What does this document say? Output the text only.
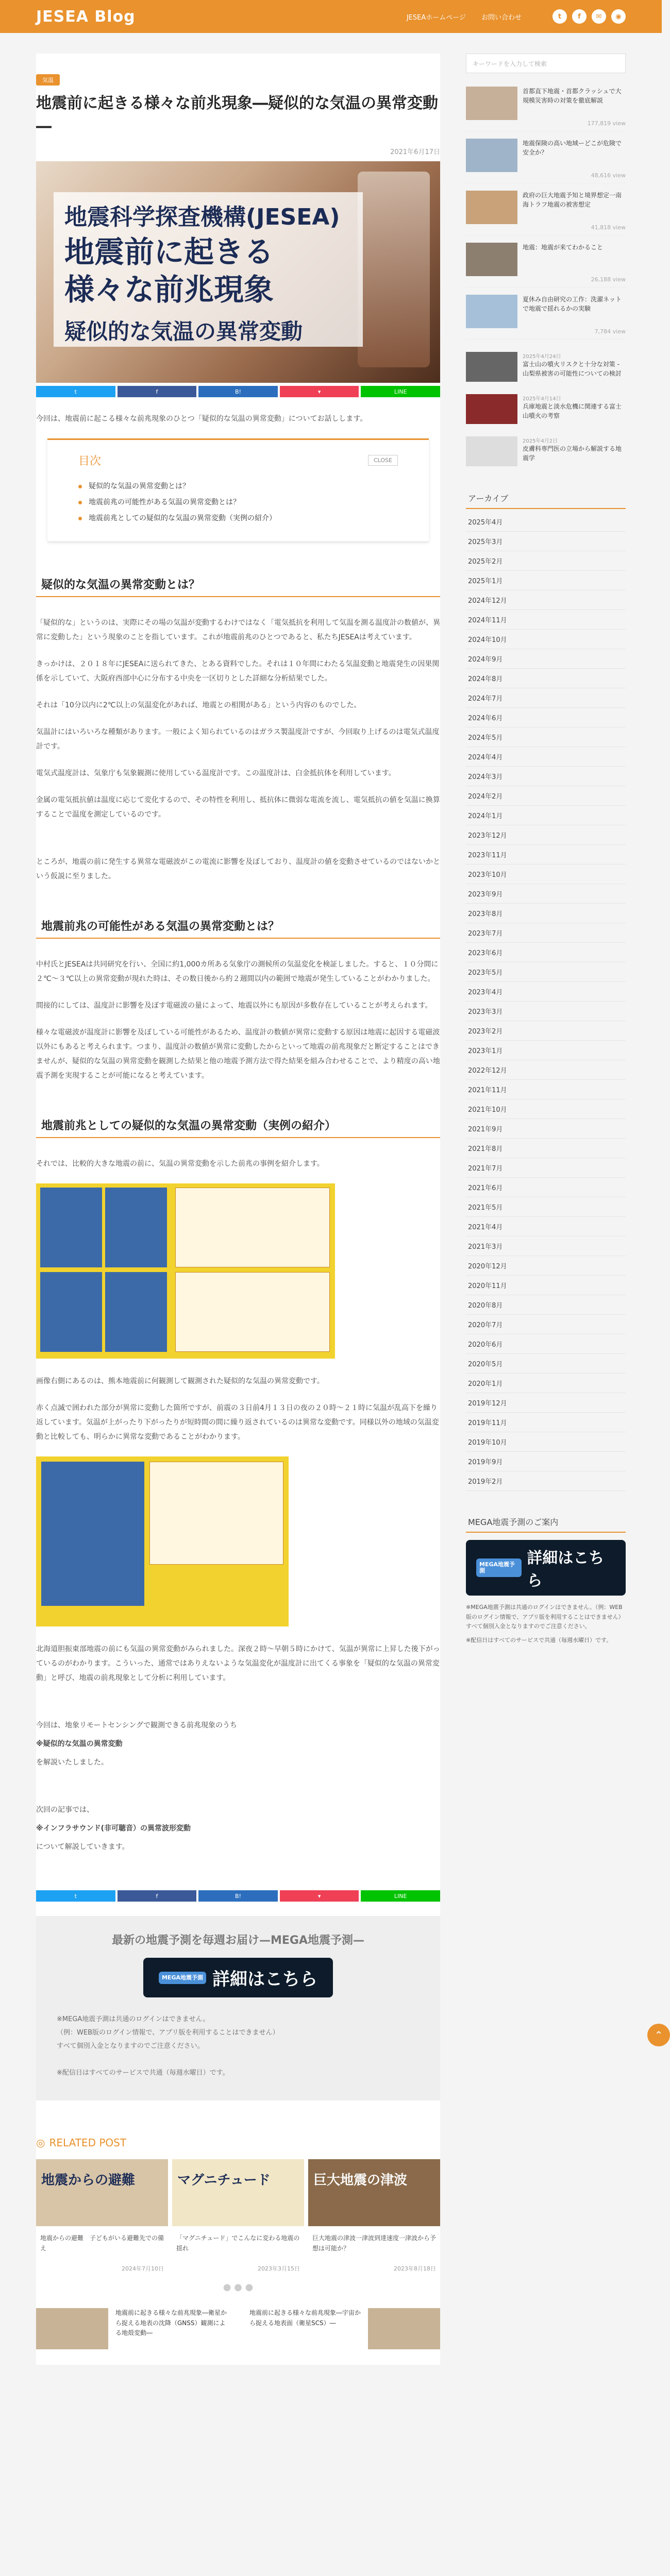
JESEA Blog	JESEAホームページ お問い合わせ	t	f	✉	◉
気温
地震前に起きる様々な前兆現象―疑似的な気温の異常変動―
2021年6月17日
地震科学探査機構(JESEA)
地震前に起きる
様々な前兆現象
疑似的な気温の異常変動
t	f	B!	▾	LINE

今回は、地震前に起こる様々な前兆現象のひとつ「疑似的な気温の異常変動」についてお話しします。

目次	CLOSE
疑似的な気温の異常変動とは？
地震前兆の可能性がある気温の異常変動とは？
地震前兆としての疑似的な気温の異常変動（実例の紹介）
疑似的な気温の異常変動とは？

「疑似的な」というのは、実際にその場の気温が変動するわけではなく「電気抵抗を利用して気温を測る温度計の数値が、異常に変動した」という現象のことを指しています。これが地震前兆のひとつであると、私たちJESEAは考えています。

きっかけは、２０１８年にJESEAに送られてきた、とある資料でした。それは１０年間にわたる気温変動と地震発生の因果関係を示していて、大阪府西部中心に分布する中央を一区切りとした詳細な分析結果でした。

それは「10分以内に2℃以上の気温変化があれば、地震との相関がある」という内容のものでした。

気温計にはいろいろな種類があります。一般によく知られているのはガラス製温度計ですが、今回取り上げるのは電気式温度計です。

電気式温度計は、気象庁も気象観測に使用している温度計です。この温度計は、白金抵抗体を利用しています。

金属の電気抵抗値は温度に応じて変化するので、その特性を利用し、抵抗体に微弱な電流を流し、電気抵抗の値を気温に換算することで温度を測定しているのです。

ところが、地震の前に発生する異常な電磁波がこの電流に影響を及ぼしており、温度計の値を変動させているのではないかという仮説に至りました。

地震前兆の可能性がある気温の異常変動とは？

中村氏とJESEAは共同研究を行い、全国に約1,000カ所ある気象庁の測候所の気温変化を検証しました。すると、１０分間に２℃～３℃以上の異常変動が現れた時は、その数日後から約２週間以内の範囲で地震が発生していることがわかりました。

間接的にしては、温度計に影響を及ぼす電磁波の量によって、地震以外にも原因が多数存在していることが考えられます。

様々な電磁波が温度計に影響を及ぼしている可能性があるため、温度計の数値が異常に変動する原因は地震に起因する電磁波以外にもあると考えられます。つまり、温度計の数値が異常に変動したからといって地震の前兆現象だと断定することはできませんが、疑似的な気温の異常変動を観測した結果と他の地震予測方法で得た結果を組み合わせることで、より精度の高い地震予測を実現することが可能になると考えています。

地震前兆としての疑似的な気温の異常変動（実例の紹介）

それでは、比較的大きな地震の前に、気温の異常変動を示した前兆の事例を紹介します。

画像右側にあるのは、熊本地震前に何観測して観測された疑似的な気温の異常変動です。

赤く点滅で囲われた部分が異常に変動した箇所ですが、前震の３日前4月１３日の夜の２０時～２１時に気温が乱高下を繰り返しています。気温が上がったり下がったりが短時間の間に繰り返されているのは異常な変動です。同様以外の地域の気温変動と比較しても、明らかに異常な変動であることがわかります。

北海道胆振東部地震の前にも気温の異常変動がみられました。深夜２時～早朝５時にかけて、気温が異常に上昇した後下がっているのがわかります。こういった、通常ではありえないような気温変化が温度計に出てくる事象を「疑似的な気温の異常変動」と呼び、地震の前兆現象として分析に利用しています。

今回は、地象リモートセンシングで観測できる前兆現象のうち

※疑似的な気温の異常変動

を解説いたしました。

次回の記事では、

※インフラサウンド(非可聴音）の異常波形変動

について解説していきます。

t	f	B!	▾	LINE
最新の地震予測を毎週お届け—MEGA地震予測—
MEGA地震予測 詳細はこちら
※MEGA地震予測は共通のログインはできません。
（例：WEB版のログイン情報で、アプリ版を利用することはできません）
すべて個別入金となりますのでご注意ください。

※配信日はすべてのサービスで共通（毎週水曜日）です。
◎ RELATED POST
地震からの避難
地震からの避難　子どもがいる避難先での備え
2024年7月10日
マグニチュード
「マグニチュード」でこんなに変わる地震の揺れ
2023年3月15日
巨大地震の津波
巨大地震の津波一津波到達速度一津波から予想は可能か？
2023年8月18日
● ● ●
地震前に起きる様々な前兆現象―衛星から捉える地表の沈降（GNSS）観測による地殻変動―
地震前に起きる様々な前兆現象―宇宙から捉える地表面（衛星SCS）―
キーワードを入力して検索
首都直下地震・首都クラッシュで大規模災害時の対策を徹底解説
177,819 view
地震保険の高い地域ーどこが危険で安全か？
48,616 view
政府の巨大地震予知と境界想定一南海トラフ地震の被害想定
41,818 view
地震：地震が来てわかること
26,188 view
夏休み自由研究の工作：洗濯ネットで地震で揺れるかの実験
7,784 view
2025年4月24日
富士山の噴火リスクと十分な対策 - 山梨県被害の可能性についての検討
2025年4月14日
兵庫地震と淡水危機に関連する富士山噴火の考察
2025年4月2日
皮膚科専門医の立場から解説する地震学
アーカイブ
2025年4月
2025年3月
2025年2月
2025年1月
2024年12月
2024年11月
2024年10月
2024年9月
2024年8月
2024年7月
2024年6月
2024年5月
2024年4月
2024年3月
2024年2月
2024年1月
2023年12月
2023年11月
2023年10月
2023年9月
2023年8月
2023年7月
2023年6月
2023年5月
2023年4月
2023年3月
2023年2月
2023年1月
2022年12月
2021年11月
2021年10月
2021年9月
2021年8月
2021年7月
2021年6月
2021年5月
2021年4月
2021年3月
2020年12月
2020年11月
2020年8月
2020年7月
2020年6月
2020年5月
2020年1月
2019年12月
2019年11月
2019年10月
2019年9月
2019年2月
MEGA地震予測のご案内
MEGA地震予測
詳細はこちら
※MEGA地震予測は共通のログインはできません。（例：WEB版のログイン情報で、アプリ版を利用することはできません）すべて個別入金となりますのでご注意ください。
※配信日はすべてのサービスで共通（毎週水曜日）です。
⌃
